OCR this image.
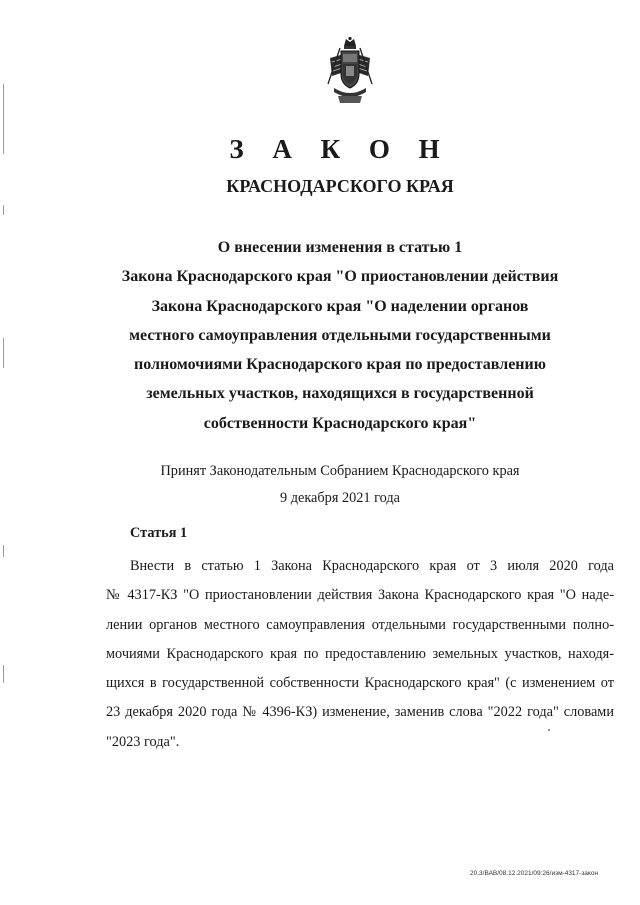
З А К О Н
КРАСНОДАРСКОГО КРАЯ
О внесении изменения в статью 1
Закона Краснодарского края "О приостановлении действия
Закона Краснодарского края "О наделении органов
местного самоуправления отдельными государственными
полномочиями Краснодарского края по предоставлению
земельных участков, находящихся в государственной
собственности Краснодарского края"
Принят Законодательным Собранием Краснодарского края
9 декабря 2021 года
Статья 1
Внести в статью 1 Закона Краснодарского края от 3 июля 2020 года
№ 4317-КЗ "О приостановлении действия Закона Краснодарского края "О наде-
лении органов местного самоуправления отдельными государственными полно-
мочиями Краснодарского края по предоставлению земельных участков, находя-
щихся в государственной собственности Краснодарского края" (с изменением от
23 декабря 2020 года № 4396-КЗ) изменение, заменив слова "2022 года" словами
"2023 года".
20.3/ВАВ/08.12.2021/09:26/изм-4317-закон
